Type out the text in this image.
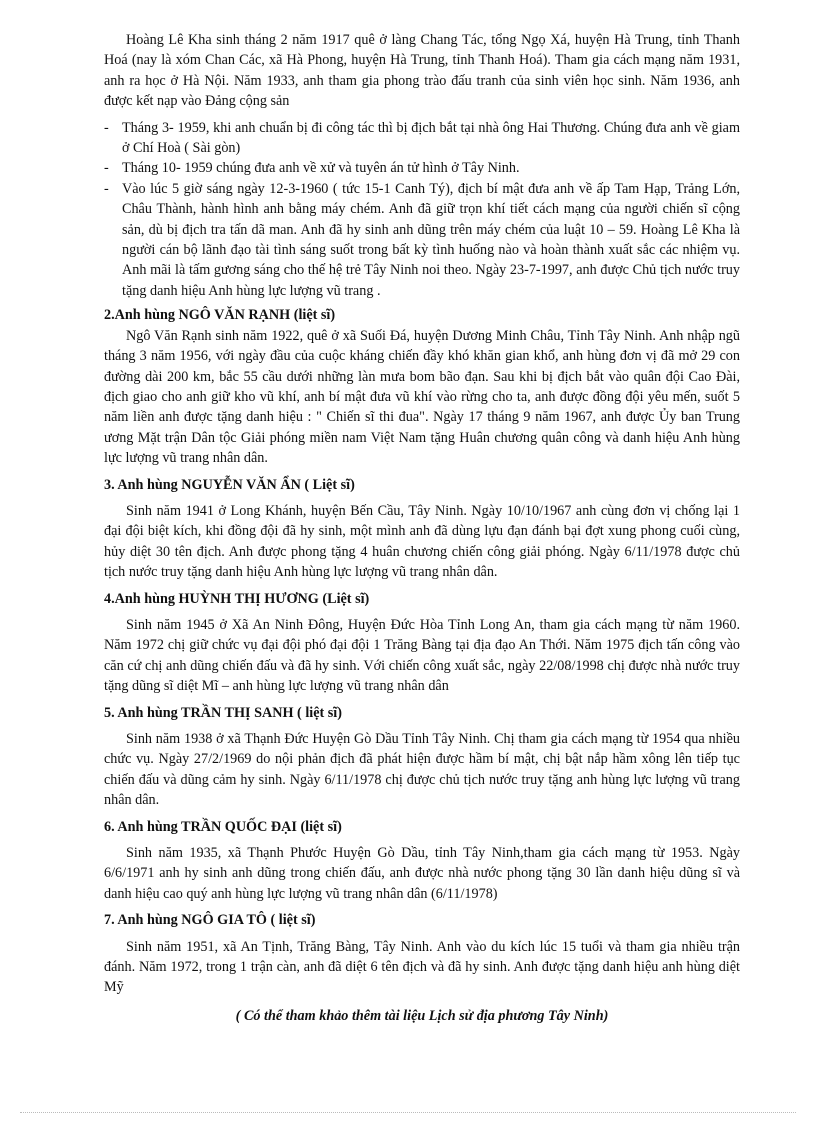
Hoàng Lê Kha sinh tháng 2 năm 1917 quê ở làng Chang Tác, tổng Ngọ Xá, huyện Hà Trung, tỉnh Thanh Hoá (nay là xóm Chan Các, xã Hà Phong, huyện Hà Trung, tỉnh Thanh Hoá). Tham gia cách mạng năm 1931, anh ra học ở Hà Nội. Năm 1933, anh tham gia phong trào đấu tranh của sinh viên học sinh. Năm 1936, anh được kết nạp vào Đảng cộng sản

- Tháng 3- 1959, khi anh chuẩn bị đi công tác thì bị địch bắt tại nhà ông Hai Thương. Chúng đưa anh về giam ở Chí Hoà ( Sài gòn)
- Tháng 10- 1959 chúng đưa anh về xử và tuyên án tử hình ở Tây Ninh.
- Vào lúc 5 giờ sáng ngày 12-3-1960 ( tức 15-1 Canh Tý), địch bí mật đưa anh về ấp Tam Hạp, Trảng Lớn, Châu Thành, hành hình anh bằng máy chém. Anh đã giữ trọn khí tiết cách mạng của người chiến sĩ cộng sản, dù bị địch tra tấn dã man. Anh đã hy sinh anh dũng trên máy chém của luật 10 – 59. Hoàng Lê Kha là người cán bộ lãnh đạo tài tình sáng suốt trong bất kỳ tình huống nào và hoàn thành xuất sắc các nhiệm vụ. Anh mãi là tấm gương sáng cho thế hệ trẻ Tây Ninh noi theo. Ngày 23-7-1997, anh được Chủ tịch nước truy tặng danh hiệu Anh hùng lực lượng vũ trang .
2.Anh hùng NGÔ VĂN RẠNH (liệt sĩ)

Ngô Văn Rạnh sinh năm 1922, quê ở xã Suối Đá, huyện Dương Minh Châu, Tỉnh Tây Ninh. Anh nhập ngũ tháng 3 năm 1956, với ngày đầu của cuộc kháng chiến đầy khó khăn gian khổ, anh hùng đơn vị đã mở 29 con đường dài 200 km, bắc 55 cầu dưới những làn mưa bom bão đạn. Sau khi bị địch bắt vào quân đội Cao Đài, địch giao cho anh giữ kho vũ khí, anh bí mật đưa vũ khí vào rừng cho ta, anh được đồng đội yêu mến, suốt 5 năm liền anh được tặng danh hiệu : " Chiến sĩ thi đua". Ngày 17 tháng 9 năm 1967, anh được Ủy ban Trung ương Mặt trận Dân tộc Giải phóng miền nam Việt Nam tặng Huân chương quân công và danh hiệu Anh hùng lực lượng vũ trang nhân dân.

3. Anh hùng NGUYỄN VĂN ẨN ( Liệt sĩ)

Sinh năm 1941 ở Long Khánh, huyện Bến Cầu, Tây Ninh. Ngày 10/10/1967 anh cùng đơn vị chống lại 1 đại đội biệt kích, khi đồng đội đã hy sinh, một mình anh đã dùng lựu đạn đánh bại đợt xung phong cuối cùng, hủy diệt 30 tên địch. Anh được phong tặng 4 huân chương chiến công giải phóng. Ngày 6/11/1978 được chủ tịch nước truy tặng danh hiệu Anh hùng lực lượng vũ trang nhân dân.

4.Anh hùng HUỲNH THỊ HƯƠNG (Liệt sĩ)

Sinh năm 1945 ở Xã An Ninh Đông, Huyện Đức Hòa Tỉnh Long An, tham gia cách mạng từ năm 1960. Năm 1972 chị giữ chức vụ đại đội phó đại đội 1 Trăng Bàng tại địa đạo An Thới. Năm 1975 địch tấn công vào căn cứ chị anh dũng chiến đấu và đã hy sinh. Với chiến công xuất sắc, ngày 22/08/1998 chị được nhà nước truy tặng dũng sĩ diệt Mĩ – anh hùng lực lượng vũ trang nhân dân

5. Anh hùng TRẦN THỊ SANH ( liệt sĩ)

Sinh năm 1938 ở xã Thạnh Đức Huyện Gò Dầu Tỉnh Tây Ninh. Chị tham gia cách mạng từ 1954 qua nhiều chức vụ. Ngày 27/2/1969 do nội phản địch đã phát hiện được hầm bí mật, chị bật nắp hầm xông lên tiếp tục chiến đấu và dũng cảm hy sinh. Ngày 6/11/1978 chị được chủ tịch nước truy tặng anh hùng lực lượng vũ trang nhân dân.

6. Anh hùng TRẦN QUỐC ĐẠI (liệt sĩ)

Sinh năm 1935, xã Thạnh Phước Huyện Gò Dầu, tỉnh Tây Ninh,tham gia cách mạng từ 1953. Ngày 6/6/1971 anh hy sinh anh dũng trong chiến đấu, anh được nhà nước phong tặng 30 lần danh hiệu dũng sĩ và danh hiệu cao quý anh hùng lực lượng vũ trang nhân dân (6/11/1978)

7. Anh hùng NGÔ GIA TÔ ( liệt sĩ)

Sinh năm 1951, xã An Tịnh, Trăng Bàng, Tây Ninh. Anh vào du kích lúc 15 tuổi và tham gia nhiều trận đánh. Năm 1972, trong 1 trận càn, anh đã diệt 6 tên địch và đã hy sinh. Anh được tặng danh hiệu anh hùng diệt Mỹ

( Có thể tham khảo thêm tài liệu Lịch sử địa phương Tây Ninh)
